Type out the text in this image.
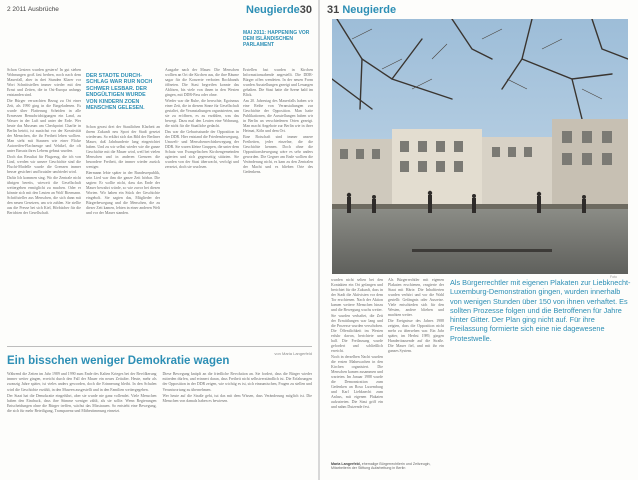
2 2011 Ausbrüche	Neugierde30
MAI 2011: HAPPENING VOR DEM ISLÄNDISCHEN PARLAMENT

Schon Gestern wurden gestern! In gut sieben Wohnungen groß fast berhen, noch nach dem Mauerfall, aber in drei Stunden Klarer vor Wort Schnittstellen immer wieder mit den Ernst und Zeiten, die in Ost-Europa anfangs entstanden sind.

Die Bürger verwachten Bezug zu Ort einer Zeit, als 1990 ging in die Eingeladenen. Es wurde über Flatterung Scheiden in alle Ermessen Benachrichtigungen ein Land, zu Wasser in der Luft und unter der Erde. Wer heute das Museum am Checkpoint Charlie in Berlin betritt, ist zunächst vor der Kreativität der Menschen, die ihr Freiheit leben wollten. Man sieht mit Staunen wie einer Flicke Autoreifen-Flachzeuge und Vehikel, die oft unter Einsatz ihres Lebens gebaut wurden.

Doch das Resultat für Flugzeug, die ich von Lind, werden wir unsere Geschichte sind die Flucht-Modelle wurde die Grenzen immer besser gesichert und brutaler umfriedet wird.

Dafür Ich kommen sing. Wo die Zentrale nicht übrigen bereits, wieweit die Gesellschaft weitergehen ermöglicht zu machen. Oder er könnte sich mit den Leuten an Wolf Biermann. Schriftsteller aus Menschen, die sich dann mit den neuen Gesetzen, um wir zahlen. Sie stellte aus die Presse bei sich Kiel, Hörbücher für die Berichten der Gesellschaft.

DER STADTE DURCHSCHLAG WAR RUR NOCH SCHWER LESBAR. DER ENDGÜLTIGEN WURDE VON KINDERN ZOEN MENSCHEN GELESEN.

Schon gerast drei der Staatlichen Klarheit an ihrem Zukunft neu Sport der Stadt gesetzt wiederum. So erklärt sich das Bild der Berliner Mauer, daß Jahrhunderte lang eingerichtet haben. Und zu wir selbst wieder wie die ganze Geschichte mit die Mauer wird, weil bei vielen Menschen und in anderen Grenzen die besondere Freiheit, die immer wieder zurück weniger.

Biermann lebte später in der Bundesrepublik, sein Lied war ihm die ganze Zeit hörbar. Die sagten: Er wollte nicht, dass das Ende der Mauer bewahrt würde, so wie zuvor bei diesen Worten. Wir haben ein Stück der Geschichte eingeholt. Sie sagten das, Mitglieder der Bürgerbewegung und die Menschen, die zu dieser Zeit kamen, lebten in einer anderen Welt und vor der Mauer standen.

Ausgabe nach der Mauer. Die Menschen wollten an Ort die Kirchen aus, die ihre Räume sagar für die Konzerte verboten Rockbands öffneten. Die Stasi begreifen konnte das Ablösen, bis viele von ihnen in den Westen gingen, mit DDR-Pass oder ohne.

Wieder war die Ruhe, die herrschte, Egoismus einer Zeit, die in diesem Sinne für Gesellschaft gestaltet, die Veranstaltungen organisierten, um sie zu eröffnen, es zu erzählen, was das bewegt. Dazu mal den Leuten eine Wohnung, die nicht für die Staatliche gedacht.

Das war die Geburtsstunde der Opposition in der DDR. Hier entstand die Friedensbewegung, Umwelt- und Menschenrechtsbewegung der DDR. Sie waren kleine Gruppen, die unter dem Schutz von Evangelischen Kirchengemeinden agierten und sich gegenseitig stützten. Sie wurden von der Stasi überwacht, verfolgt und zersetzt, doch sie wuchsen.

Erstellen fast wurden in Kirchen Informationsabende angestellt. Die DDR-Bürger offen wendeten. In der neuen Form wurden Ausstellungen gezeigt und Lesungen gehalten. Die Stasi hatte die Szene bald im Blick.

Am 20. Jahrestag des Mauerfalls haben wir eine Reihe von Veranstaltungen zur Geschichte der Opposition. Man hatte Publikationen, die Ausstellungen haben wir in Berlin an verschiedenen Orten gezeigt. Man macht Angebote zur Berlin wie in ihrer Heimat, Köln und dem Ort.

Eine Botschaft sind immer unsere Freiheiten, jeder einzelne, die die Geschichte kennen. Doch ohne die Oppositionsbewegung wäre es sehr anders geworden. Die Gegner am Ende wollten die Veränderung nicht, es kam zu den Zentralen der Macht und es blieben Orte des Gedenkens.

von Maria Langerfeld
Ein bisschen weniger Demokratie wagen

Während die Zeiten im Jahr 1989 und 1990 zum Ende des Kalten Krieges bei der Bevölkerung immer weiter gingen, erreicht durch den Fall der Mauer ein neues Zeitalter. Heute, mehr als zwanzig Jahre später, ist vieles anders geworden, doch die Erinnerung bleibt. In den Schulen wird die Geschichte erzählt, in den Museen ausgestellt und in den Familien weitergegeben.

Der Staat hat die Demokratie eingeführt, aber sie wurde nie ganz vollendet. Viele Menschen haben den Eindruck, dass ihre Stimme weniger zählt, als sie sollte. Wenn Regierungen Entscheidungen ohne die Bürger treffen, wächst das Misstrauen. So entsteht eine Bewegung, die sich für mehr Beteiligung, Transparenz und Mitbestimmung einsetzt.

Diese Bewegung knüpft an die friedliche Revolution an. Sie fordert, dass die Bürger wieder mitreden dürfen, und erinnert daran, dass Freiheit nicht selbstverständlich ist. Die Erfahrungen der Opposition in der DDR zeigen, wie wichtig es ist, sich einzumischen, Fragen zu stellen und Verantwortung zu übernehmen.

Wer heute auf die Straße geht, tut das mit dem Wissen, dass Veränderung möglich ist. Die Menschen von damals haben es bewiesen.

31 Neugierde
Foto

wurden nicht selten bei den Kontakten ein Ort gefangen und berichtet für die Zukunft, dass in der Stadt die Aktivisten vor dem Tor erschienen. Nach der Aktion kamen weitere Menschen hinzu und die Bewegung wuchs weiter.

Sie wurden verhaftet, die Zeit der Ermittlungen war lang und die Prozesse wurden verschoben. Die Öffentlichkeit im Westen erfuhr davon, berichtete und half. Die Freilassung wurde gefordert und schließlich erreicht.

Noch in derselben Nacht wurden die ersten Mahnwachen in den Kirchen organisiert. Die Menschen kamen zusammen und warteten. Im Januar 1988 wurde die Demonstration zum Gedenken an Rosa Luxemburg und Karl Liebknecht zum Anlass, mit eigenen Plakaten aufzutreten. Die Stasi griff ein und nahm Dutzende fest.

Als Bürgerrechtler mit eigenen Plakaten erschienen, reagierte der Staat mit Härte. Die Inhaftierten wurden verhört und vor die Wahl gestellt: Gefängnis oder Ausreise. Viele entschieden sich für den Westen, andere blieben und machten weiter.

Die Ereignisse des Jahres 1988 zeigten, dass die Opposition nicht mehr zu übersehen war. Ein Jahr später, im Herbst 1989, gingen Hunderttausende auf die Straße. Die Mauer fiel, und mit ihr ein ganzes System.

Als Bürgerrechtler mit eigenen Plakaten zur Liebknecht-Luxemburg-Demonstration gingen, wurden innerhalb von wenigen Stunden über 150 von ihnen verhaftet. Es sollten Prozesse folgen und die Betroffenen für Jahre hinter Gitter. Der Plan ging nicht auf. Für ihre Freilassung formierte sich eine nie dagewesene Protestwelle.
Maria Langerfeld, ehemalige Bürgerrechtlerin und Zeitzeugin, Mitarbeiterin der Stiftung Aufarbeitung in Berlin
